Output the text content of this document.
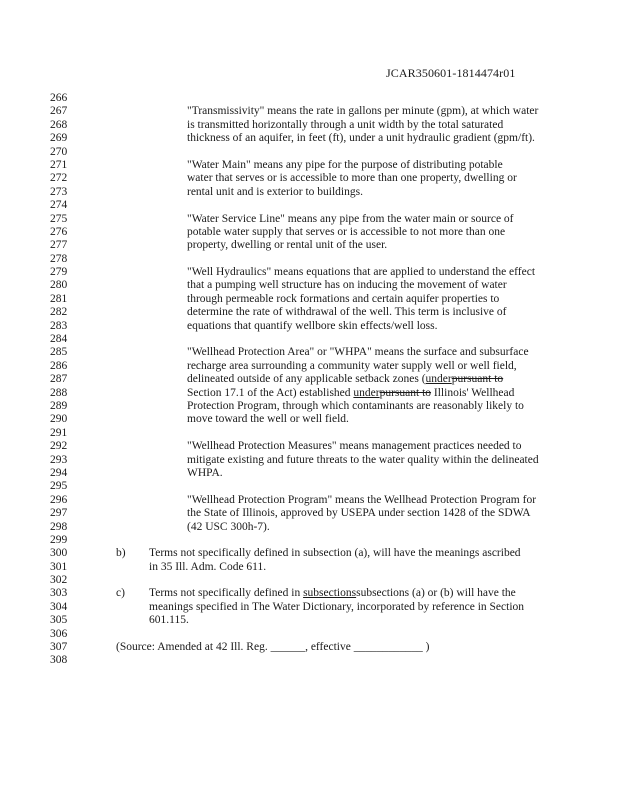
JCAR350601-1814474r01
266
267
268
269
270
271
272
273
274
275
276
277
278
279
280
281
282
283
284
285
286
287
288
289
290
291
292
293
294
295
296
297
298
299
300
301
302
303
304
305
306
307
308
"Transmissivity" means the rate in gallons per minute (gpm), at which water
is transmitted horizontally through a unit width by the total saturated
thickness of an aquifer, in feet (ft), under a unit hydraulic gradient (gpm/ft).
"Water Main" means any pipe for the purpose of distributing potable
water that serves or is accessible to more than one property, dwelling or
rental unit and is exterior to buildings.
"Water Service Line" means any pipe from the water main or source of
potable water supply that serves or is accessible to not more than one
property, dwelling or rental unit of the user.
"Well Hydraulics" means equations that are applied to understand the effect
that a pumping well structure has on inducing the movement of water
through permeable rock formations and certain aquifer properties to
determine the rate of withdrawal of the well. This term is inclusive of
equations that quantify wellbore skin effects/well loss.
"Wellhead Protection Area" or "WHPA" means the surface and subsurface
recharge area surrounding a community water supply well or well field,
delineated outside of any applicable setback zones (underpursuant to
Section 17.1 of the Act) established underpursuant to Illinois' Wellhead
Protection Program, through which contaminants are reasonably likely to
move toward the well or well field.
"Wellhead Protection Measures" means management practices needed to
mitigate existing and future threats to the water quality within the delineated
WHPA.
"Wellhead Protection Program" means the Wellhead Protection Program for
the State of Illinois, approved by USEPA under section 1428 of the SDWA
(42 USC 300h-7).
b) Terms not specifically defined in subsection (a), will have the meanings ascribed
in 35 Ill. Adm. Code 611.
c) Terms not specifically defined in subsectionssubsections (a) or (b) will have the
meanings specified in The Water Dictionary, incorporated by reference in Section
601.115.
(Source: Amended at 42 Ill. Reg. ______, effective ____________ )
